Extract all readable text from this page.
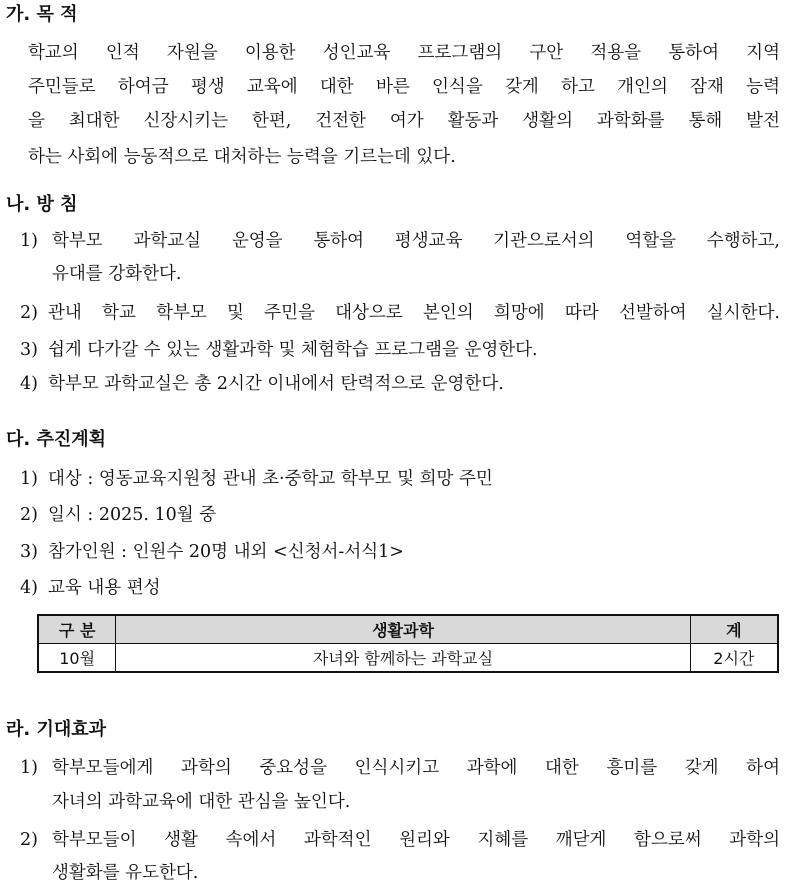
가. 목 적
학교의 인적 자원을 이용한 성인교육 프로그램의 구안 적용을 통하여 지역
주민들로 하여금 평생 교육에 대한 바른 인식을 갖게 하고 개인의 잠재 능력
을 최대한 신장시키는 한편, 건전한 여가 활동과 생활의 과학화를 통해 발전
하는 사회에 능동적으로 대처하는 능력을 기르는데 있다.
나. 방 침
1) 학부모 과학교실 운영을 통하여 평생교육 기관으로서의 역할을 수행하고,
유대를 강화한다.
2) 관내 학교 학부모 및 주민을 대상으로 본인의 희망에 따라 선발하여 실시한다.
3) 쉽게 다가갈 수 있는 생활과학 및 체험학습 프로그램을 운영한다.
4) 학부모 과학교실은 총 2시간 이내에서 탄력적으로 운영한다.
다. 추진계획
1) 대상 : 영동교육지원청 관내 초·중학교 학부모 및 희망 주민
2) 일시 : 2025. 10월 중
3) 참가인원 : 인원수 20명 내외 <신청서-서식1>
4) 교육 내용 편성
구 분	생활과학	계
10월	자녀와 함께하는 과학교실	2시간
라. 기대효과
1) 학부모들에게 과학의 중요성을 인식시키고 과학에 대한 흥미를 갖게 하여
자녀의 과학교육에 대한 관심을 높인다.
2) 학부모들이 생활 속에서 과학적인 원리와 지혜를 깨닫게 함으로써 과학의
생활화를 유도한다.
